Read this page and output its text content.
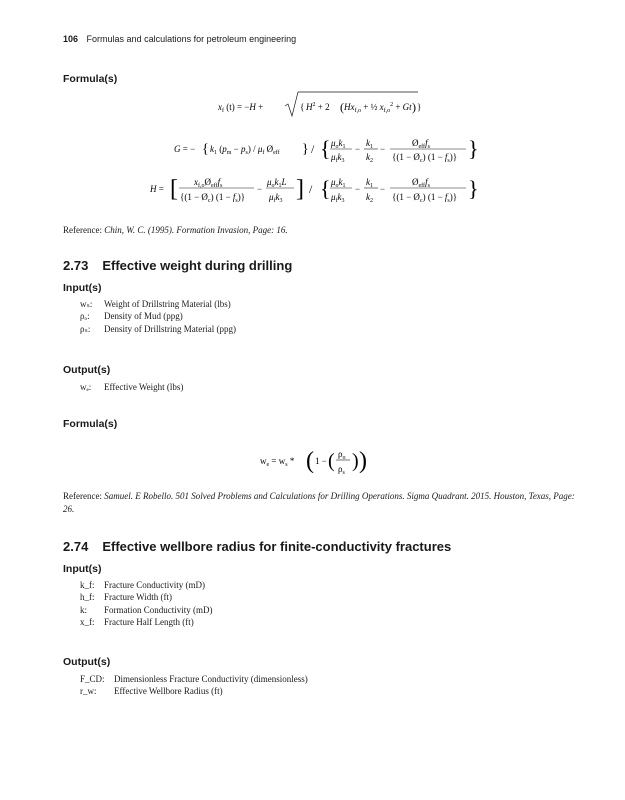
106 Formulas and calculations for petroleum engineering
Formula(s)
$x_f$ (t) = −H +	{ $H^2 + 2$ ( $Hx_{f,o}$ + ½ $x_{f,o}^2 + Gt$ ) }
G = − { $k_1$ $(p_m - p_s) / \mu_f$ $Ø_{eff}$ } / { $\mu_ok_1$
$\mu_fk_3$
−
$k_1$
$k_2$
−
$Ø_{eff}f_s$
{$(1 - Ø_c)$ $(1 - f_s)$} }
H = [ $x_{f,o}Ø_{eff}f_s$
{$(1 - Ø_c)$ $(1 - f_s)$}
−
$\mu_ok_1L$
$\mu_fk_3$ ] / { $\mu_ok_1$
$\mu_fk_3$
−
$k_1$
$k_2$
−
$Ø_{eff}f_s$
{$(1 - Ø_c)$ $(1 - f_s)$} }
Reference: Chin, W. C. (1995). Formation Invasion, Page: 16.
2.73 Effective weight during drilling
Input(s)
wₛ: Weight of Drillstring Material (lbs)
ρₒ: Density of Mud (ppg)
ρₛ: Density of Drillstring Material (ppg)
Output(s)
wₑ: Effective Weight (lbs)
Formula(s)
$w_e = w_s$ * ( 1 − ( $\rho_o$
$\rho_s$
) )
Reference: Samuel. E Robello. 501 Solved Problems and Calculations for Drilling Operations. Sigma Quadrant. 2015. Houston, Texas, Page: 26.
2.74 Effective wellbore radius for finite-conductivity fractures
Input(s)
k_f: Fracture Conductivity (mD)
h_f: Fracture Width (ft)
k: Formation Conductivity (mD)
x_f: Fracture Half Length (ft)
Output(s)
F_CD: Dimensionless Fracture Conductivity (dimensionless)
r_w: Effective Wellbore Radius (ft)
